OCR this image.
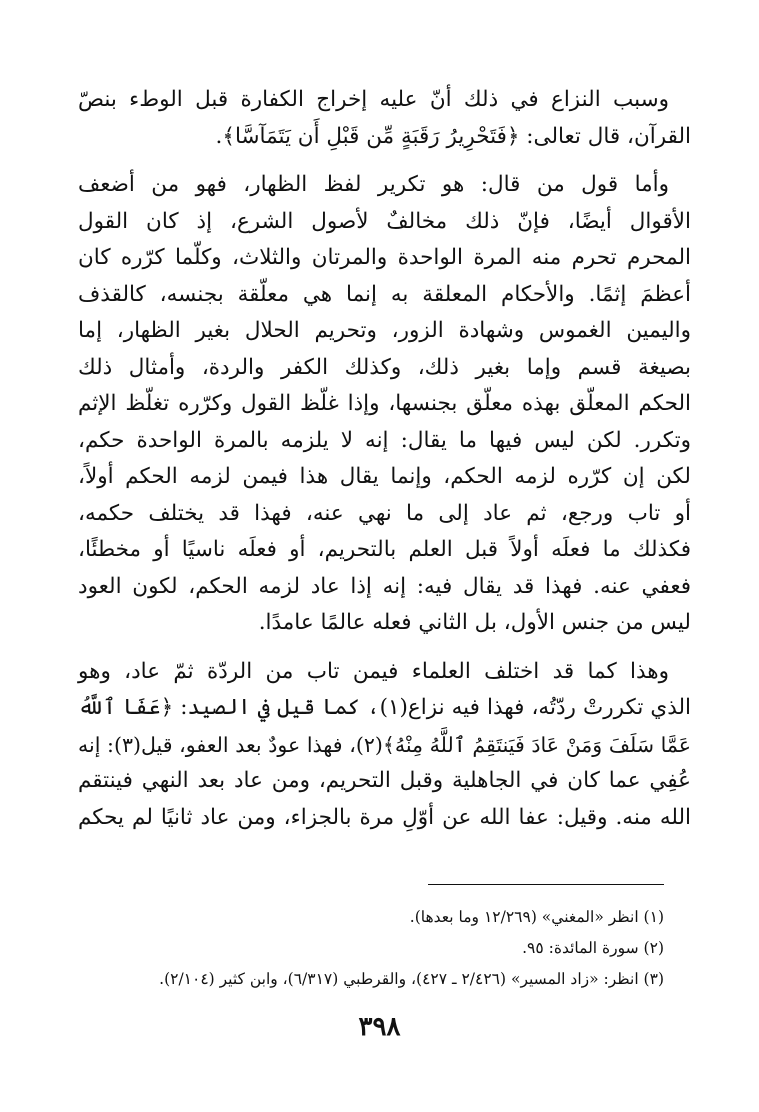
وسبب النزاع في ذلك أنّ عليه إخراج الكفارة قبل الوطء بنصّ
القرآن، قال تعالى: ﴿فَتَحْرِيرُ رَقَبَةٍ مِّن قَبْلِ أَن يَتَمَآسَّا﴾.
وأما قول من قال: هو تكرير لفظ الظهار، فهو من أضعف
الأقوال أيضًا، فإنّ ذلك مخالفٌ لأصول الشرع، إذ كان القول
المحرم تحرم منه المرة الواحدة والمرتان والثلاث، وكلّما كرّره كان
أعظمَ إثمًا. والأحكام المعلقة به إنما هي معلّقة بجنسه، كالقذف
واليمين الغموس وشهادة الزور، وتحريم الحلال بغير الظهار، إما
بصيغة قسم وإما بغير ذلك، وكذلك الكفر والردة، وأمثال ذلك
الحكم المعلّق بهذه معلّق بجنسها، وإذا غلّظ القول وكرّره تغلّظ الإثم
وتكرر. لكن ليس فيها ما يقال: إنه لا يلزمه بالمرة الواحدة حكم،
لكن إن كرّره لزمه الحكم، وإنما يقال هذا فيمن لزمه الحكم أولاً،
أو تاب ورجع، ثم عاد إلى ما نهي عنه، فهذا قد يختلف حكمه،
فكذلك ما فعلَه أولاً قبل العلم بالتحريم، أو فعلَه ناسيًا أو مخطئًا،
فعفي عنه. فهذا قد يقال فيه: إنه إذا عاد لزمه الحكم، لكون العود
ليس من جنس الأول، بل الثاني فعله عالمًا عامدًا.
وهذا كما قد اختلف العلماء فيمن تاب من الردّة ثمّ عاد، وهو
الذي تكررتْ ردّتُه، فهذا فيه نزاع(١)، كما قيل في الصيد: ﴿عَفَا ٱللَّهُ
عَمَّا سَلَفَ وَمَنْ عَادَ فَيَنتَقِمُ ٱللَّهُ مِنْهُ﴾(٢)، فهذا عودٌ بعد العفو، قيل(٣): إنه
عُفِي عما كان في الجاهلية وقبل التحريم، ومن عاد بعد النهي فينتقم
الله منه. وقيل: عفا الله عن أوّلِ مرة بالجزاء، ومن عاد ثانيًا لم يحكم
(١) انظر «المغني» (١٢/٢٦٩ وما بعدها).
(٢) سورة المائدة: ٩٥.
(٣) انظر: «زاد المسير» (٢/٤٢٦ ـ ٤٢٧)، والقرطبي (٦/٣١٧)، وابن كثير (٢/١٠٤).
٣٩٨
